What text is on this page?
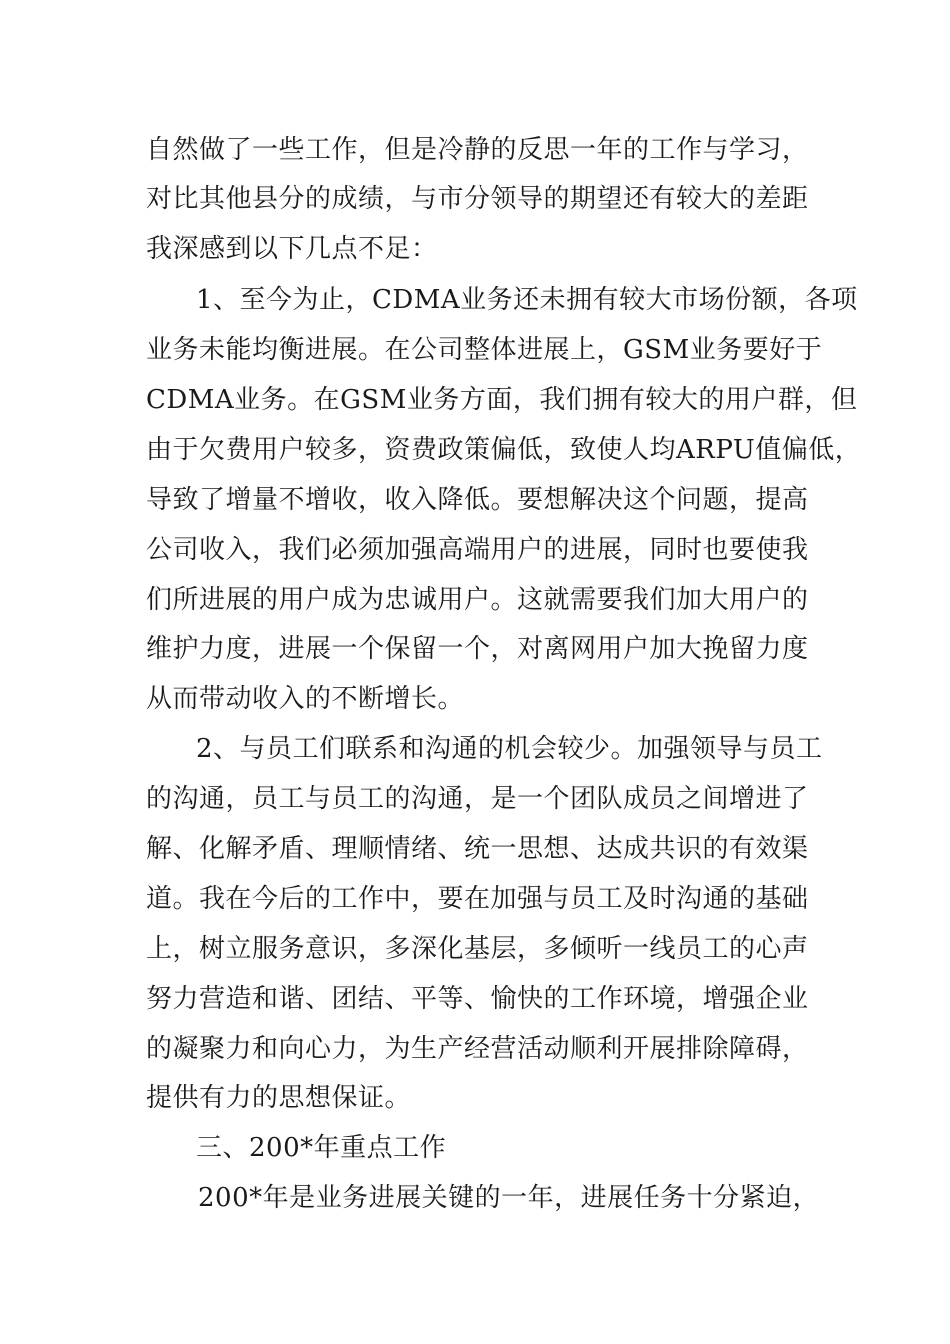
自然做了一些工作，但是冷静的反思一年的工作与学习，
对比其他县分的成绩，与市分领导的期望还有较大的差距
我深感到以下几点不足：
1、至今为止，CDMA业务还未拥有较大市场份额，各项
业务未能均衡进展。在公司整体进展上，GSM业务要好于
CDMA业务。在GSM业务方面，我们拥有较大的用户群，但
由于欠费用户较多，资费政策偏低，致使人均ARPU值偏低，
导致了增量不增收，收入降低。要想解决这个问题，提高
公司收入，我们必须加强高端用户的进展，同时也要使我
们所进展的用户成为忠诚用户。这就需要我们加大用户的
维护力度，进展一个保留一个，对离网用户加大挽留力度
从而带动收入的不断增长。
2、与员工们联系和沟通的机会较少。加强领导与员工
的沟通，员工与员工的沟通，是一个团队成员之间增进了
解、化解矛盾、理顺情绪、统一思想、达成共识的有效渠
道。我在今后的工作中，要在加强与员工及时沟通的基础
上，树立服务意识，多深化基层，多倾听一线员工的心声
努力营造和谐、团结、平等、愉快的工作环境，增强企业
的凝聚力和向心力，为生产经营活动顺利开展排除障碍，
提供有力的思想保证。
三、200*年重点工作
200*年是业务进展关键的一年，进展任务十分紧迫，
